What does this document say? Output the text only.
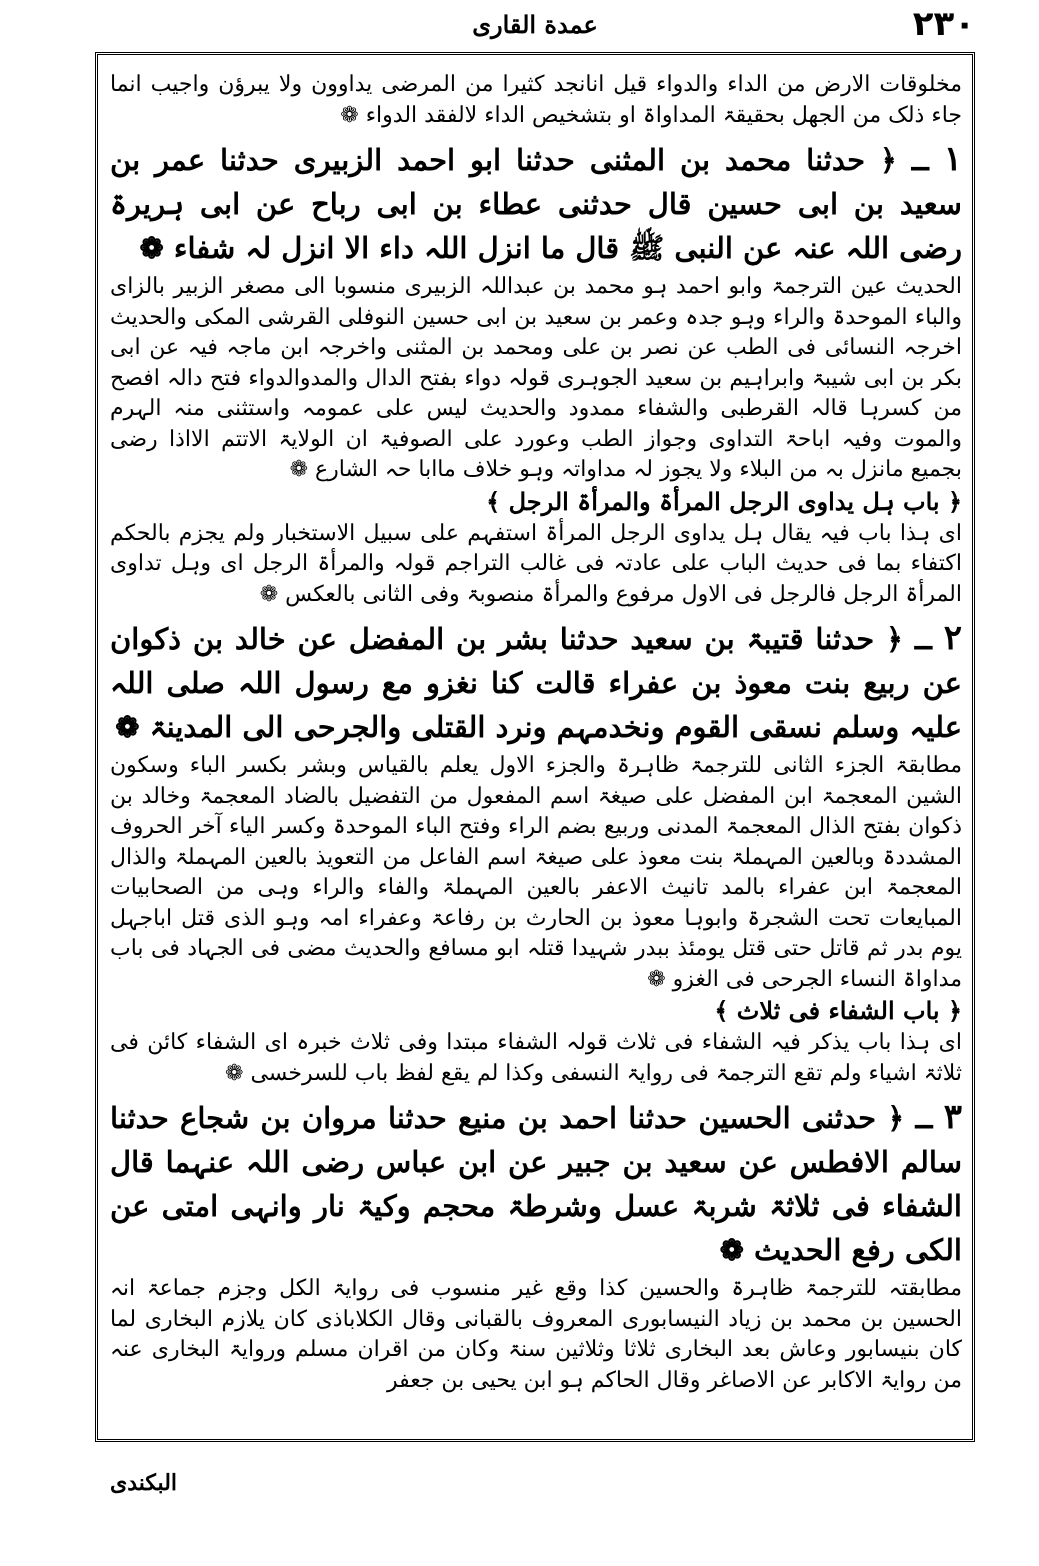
۲۳۰
عمدة القاری

مخلوقات الارض من الداء والدواء قیل انانجد کثیرا من المرضی یداوون ولا یبرؤن واجیب انما جاء ذلک من الجهل بحقیقۃ المداواۃ او بتشخیص الداء لالفقد الدواء ❁

۱ ــ ﴿ حدثنا محمد بن المثنی حدثنا ابو احمد الزبیری حدثنا عمر بن سعید بن ابی حسین قال حدثنی عطاء بن ابی رباح عن ابی ہریرۃ رضی اللہ عنہ عن النبی ﷺ قال ما انزل اللہ داء الا انزل لہ شفاء ❁

الحدیث عین الترجمۃ وابو احمد ہو محمد بن عبداللہ الزبیری منسوبا الی مصغر الزبیر بالزای والباء الموحدۃ والراء وہو جدہ وعمر بن سعید بن ابی حسین النوفلی القرشی المکی والحدیث اخرجہ النسائی فی الطب عن نصر بن علی ومحمد بن المثنی واخرجہ ابن ماجہ فیہ عن ابی بکر بن ابی شیبۃ وابراہیم بن سعید الجوہری قولہ دواء بفتح الدال والمدوالدواء فتح دالہ افصح من کسرہا قالہ القرطبی والشفاء ممدود والحدیث لیس علی عمومہ واستثنی منہ الہرم والموت وفیہ اباحۃ التداوی وجواز الطب وعورد علی الصوفیۃ ان الولایۃ الاتتم الااذا رضی بجمیع مانزل بہ من البلاء ولا یجوز لہ مداواتہ وہو خلاف ماابا حہ الشارع ❁

﴿ باب ہل یداوی الرجل المرأۃ والمرأۃ الرجل ﴾

ای ہذا باب فیہ یقال ہل یداوی الرجل المرأۃ استفہم علی سبیل الاستخبار ولم یجزم بالحکم اکتفاء بما فی حدیث الباب علی عادتہ فی غالب التراجم قولہ والمرأۃ الرجل ای وہل تداوی المرأۃ الرجل فالرجل فی الاول مرفوع والمرأۃ منصوبۃ وفی الثانی بالعکس ❁

۲ ــ ﴿ حدثنا قتیبۃ بن سعید حدثنا بشر بن المفضل عن خالد بن ذکوان عن ربیع بنت معوذ بن عفراء قالت کنا نغزو مع رسول اللہ صلی اللہ علیہ وسلم نسقی القوم ونخدمہم ونرد القتلی والجرحی الی المدینۃ ❁

مطابقۃ الجزء الثانی للترجمۃ ظاہرۃ والجزء الاول یعلم بالقیاس وبشر بکسر الباء وسکون الشین المعجمۃ ابن المفضل علی صیغۃ اسم المفعول من التفضیل بالضاد المعجمۃ وخالد بن ذکوان بفتح الذال المعجمۃ المدنی وربیع بضم الراء وفتح الباء الموحدۃ وکسر الیاء آخر الحروف المشددۃ وبالعین المہملۃ بنت معوذ علی صیغۃ اسم الفاعل من التعویذ بالعین المہملۃ والذال المعجمۃ ابن عفراء بالمد تانیث الاعفر بالعین المہملۃ والفاء والراء وہی من الصحابیات المبایعات تحت الشجرۃ وابوہا معوذ بن الحارث بن رفاعۃ وعفراء امہ وہو الذی قتل اباجہل یوم بدر ثم قاتل حتی قتل یومئذ ببدر شہیدا قتلہ ابو مسافع والحدیث مضی فی الجہاد فی باب مداواۃ النساء الجرحی فی الغزو ❁

﴿ باب الشفاء فی ثلاث ﴾

ای ہذا باب یذکر فیہ الشفاء فی ثلاث قولہ الشفاء مبتدا وفی ثلاث خبرہ ای الشفاء کائن فی ثلاثۃ اشیاء ولم تقع الترجمۃ فی روایۃ النسفی وکذا لم یقع لفظ باب للسرخسی ❁

۳ ــ ﴿ حدثنی الحسین حدثنا احمد بن منیع حدثنا مروان بن شجاع حدثنا سالم الافطس عن سعید بن جبیر عن ابن عباس رضی اللہ عنہما قال الشفاء فی ثلاثۃ شربۃ عسل وشرطۃ محجم وکیۃ نار وانہی امتی عن الکی رفع الحدیث ❁

مطابقتہ للترجمۃ ظاہرۃ والحسین کذا وقع غیر منسوب فی روایۃ الکل وجزم جماعۃ انہ الحسین بن محمد بن زیاد النیسابوری المعروف بالقبانی وقال الکلاباذی کان یلازم البخاری لما کان بنیسابور وعاش بعد البخاری ثلاثا وثلاثین سنۃ وکان من اقران مسلم وروایۃ البخاری عنہ من روایۃ الاکابر عن الاصاغر وقال الحاکم ہو ابن یحیی بن جعفر

البکندی
